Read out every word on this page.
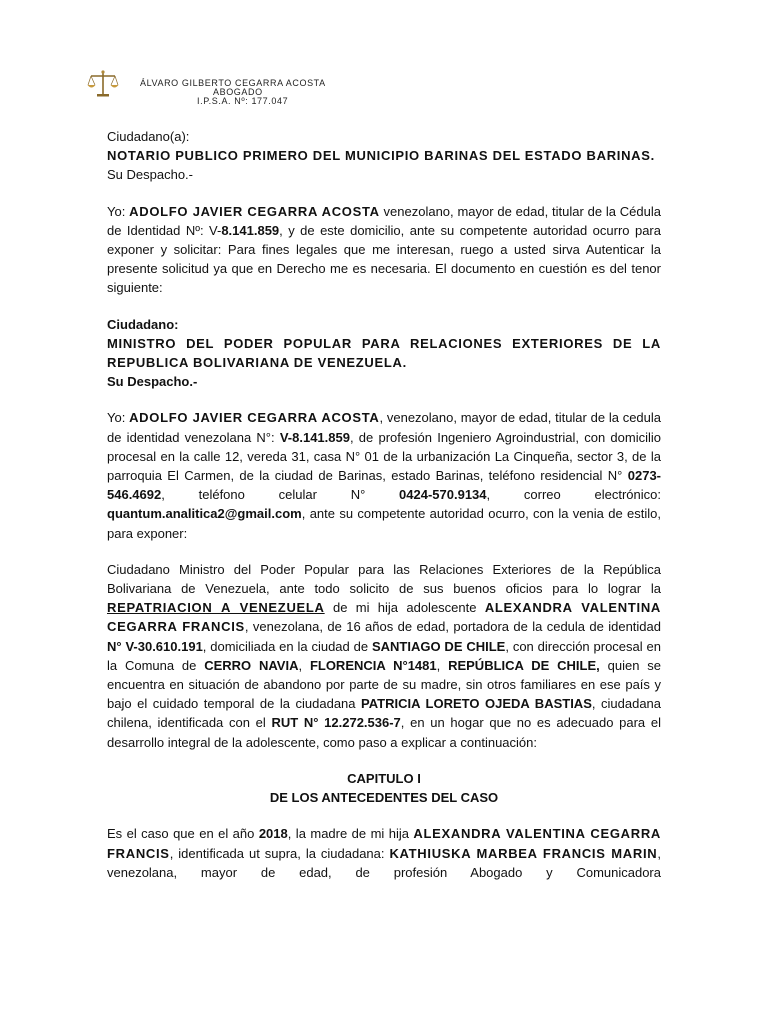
ÁLVARO GILBERTO CEGARRA ACOSTA
ABOGADO
I.P.S.A. Nº: 177.047

Ciudadano(a):

NOTARIO PUBLICO PRIMERO DEL MUNICIPIO BARINAS DEL ESTADO BARINAS.

Su Despacho.-

Yo: ADOLFO JAVIER CEGARRA ACOSTA venezolano, mayor de edad, titular de la Cédula de Identidad Nº: V-8.141.859, y de este domicilio, ante su competente autoridad ocurro para exponer y solicitar: Para fines legales que me interesan, ruego a usted sirva Autenticar la presente solicitud ya que en Derecho me es necesaria. El documento en cuestión es del tenor siguiente:

Ciudadano:

MINISTRO DEL PODER POPULAR PARA RELACIONES EXTERIORES DE LA REPUBLICA BOLIVARIANA DE VENEZUELA.

Su Despacho.-

Yo: ADOLFO JAVIER CEGARRA ACOSTA, venezolano, mayor de edad, titular de la cedula de identidad venezolana N°: V-8.141.859, de profesión Ingeniero Agroindustrial, con domicilio procesal en la calle 12, vereda 31, casa N° 01 de la urbanización La Cinqueña, sector 3, de la parroquia El Carmen, de la ciudad de Barinas, estado Barinas, teléfono residencial N° 0273-546.4692, teléfono celular N° 0424-570.9134, correo electrónico: quantum.analitica2@gmail.com, ante su competente autoridad ocurro, con la venia de estilo, para exponer:

Ciudadano Ministro del Poder Popular para las Relaciones Exteriores de la República Bolivariana de Venezuela, ante todo solicito de sus buenos oficios para lo lograr la REPATRIACION A VENEZUELA de mi hija adolescente ALEXANDRA VALENTINA CEGARRA FRANCIS, venezolana, de 16 años de edad, portadora de la cedula de identidad N° V-30.610.191, domiciliada en la ciudad de SANTIAGO DE CHILE, con dirección procesal en la Comuna de CERRO NAVIA, FLORENCIA N°1481, REPÚBLICA DE CHILE, quien se encuentra en situación de abandono por parte de su madre, sin otros familiares en ese país y bajo el cuidado temporal de la ciudadana PATRICIA LORETO OJEDA BASTIAS, ciudadana chilena, identificada con el RUT N° 12.272.536-7, en un hogar que no es adecuado para el desarrollo integral de la adolescente, como paso a explicar a continuación:

CAPITULO I

DE LOS ANTECEDENTES DEL CASO

Es el caso que en el año 2018, la madre de mi hija ALEXANDRA VALENTINA CEGARRA FRANCIS, identificada ut supra, la ciudadana: KATHIUSKA MARBEA FRANCIS MARIN, venezolana, mayor de edad, de profesión Abogado y Comunicadora
